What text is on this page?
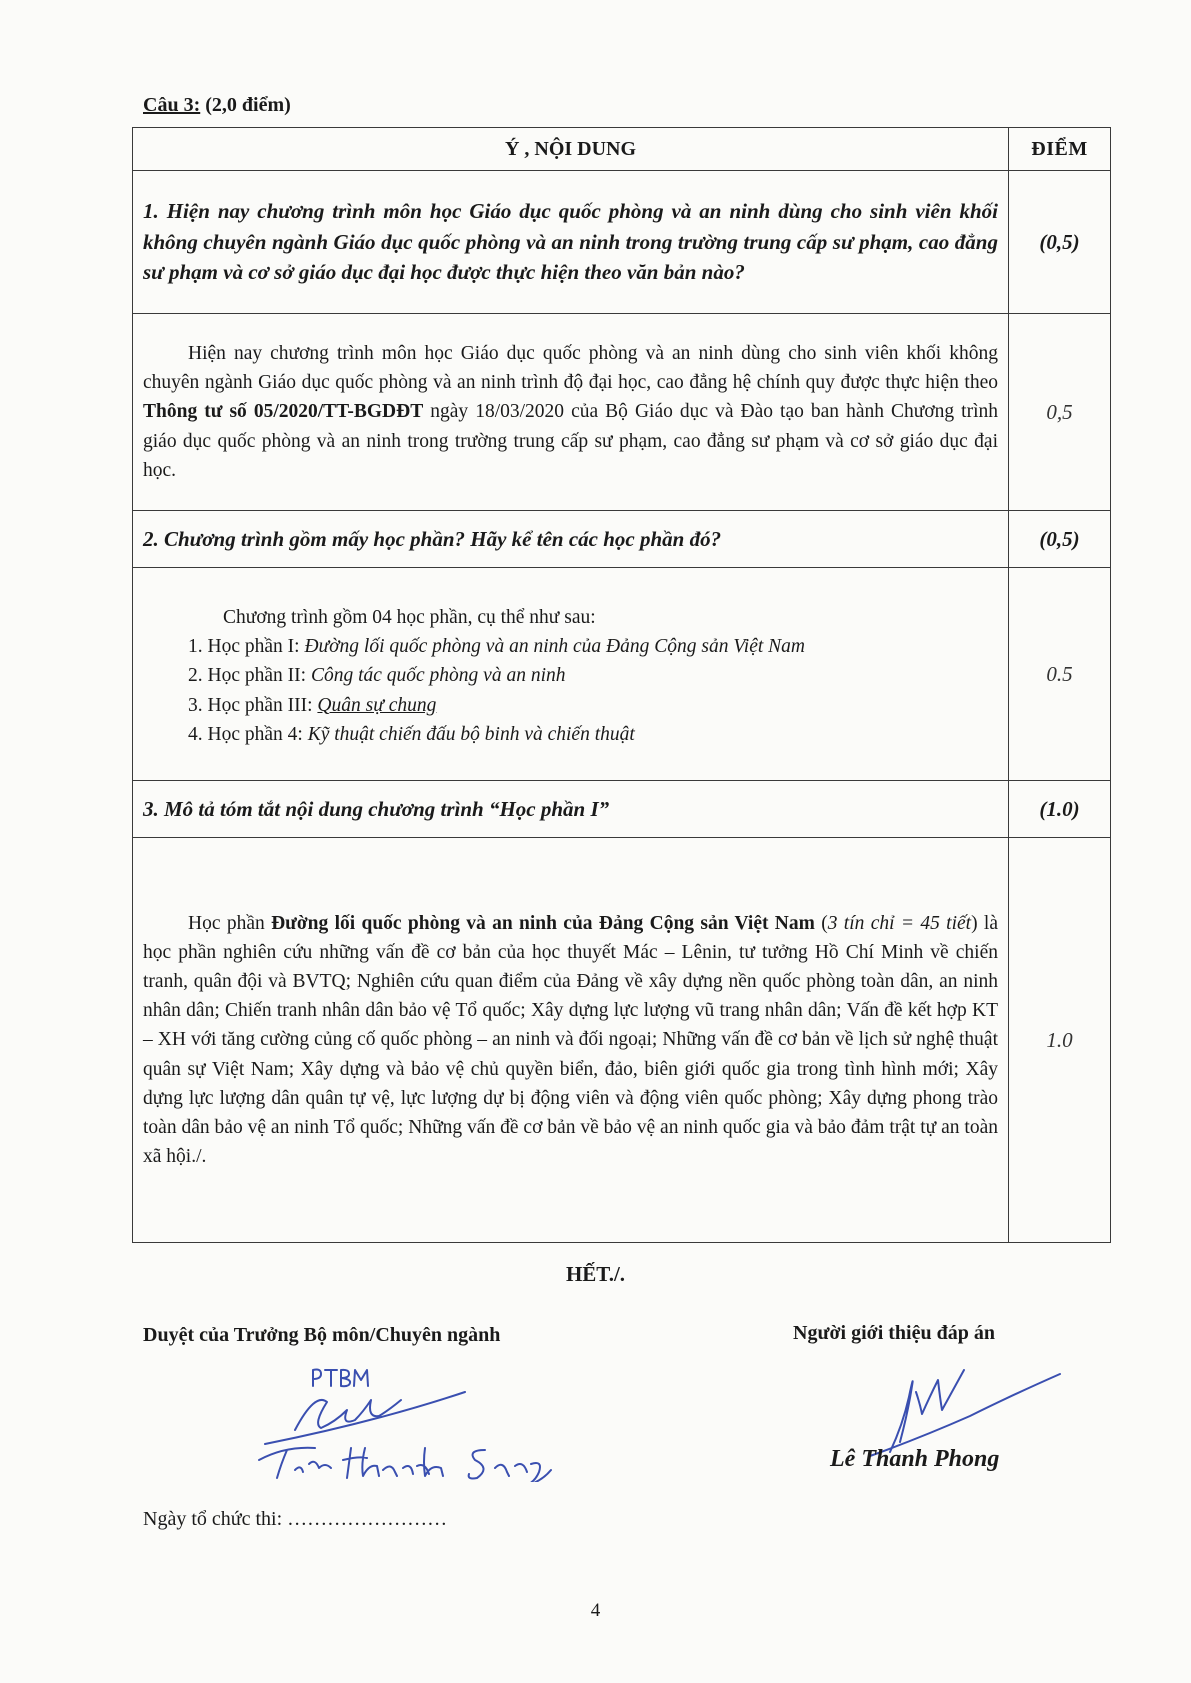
Câu 3: (2,0 điểm)
Ý , NỘI DUNG	ĐIỂM
1. Hiện nay chương trình môn học Giáo dục quốc phòng và an ninh dùng cho sinh viên khối không chuyên ngành Giáo dục quốc phòng và an ninh trong trường trung cấp sư phạm, cao đẳng sư phạm và cơ sở giáo dục đại học được thực hiện theo văn bản nào?	(0,5)

Hiện nay chương trình môn học Giáo dục quốc phòng và an ninh dùng cho sinh viên khối không chuyên ngành Giáo dục quốc phòng và an ninh trình độ đại học, cao đẳng hệ chính quy được thực hiện theo Thông tư số 05/2020/TT-BGDĐT ngày 18/03/2020 của Bộ Giáo dục và Đào tạo ban hành Chương trình giáo dục quốc phòng và an ninh trong trường trung cấp sư phạm, cao đẳng sư phạm và cơ sở giáo dục đại học.	0,5
2. Chương trình gồm mấy học phần? Hãy kể tên các học phần đó?	(0,5)

Chương trình gồm 04 học phần, cụ thể như sau:

1. Học phần I: Đường lối quốc phòng và an ninh của Đảng Cộng sản Việt Nam

2. Học phần II: Công tác quốc phòng và an ninh

3. Học phần III: Quân sự chung

4. Học phần 4: Kỹ thuật chiến đấu bộ binh và chiến thuật	0.5
3. Mô tả tóm tắt nội dung chương trình “Học phần I”	(1.0)

Học phần Đường lối quốc phòng và an ninh của Đảng Cộng sản Việt Nam (3 tín chỉ = 45 tiết) là học phần nghiên cứu những vấn đề cơ bản của học thuyết Mác – Lênin, tư tưởng Hồ Chí Minh về chiến tranh, quân đội và BVTQ; Nghiên cứu quan điểm của Đảng về xây dựng nền quốc phòng toàn dân, an ninh nhân dân; Chiến tranh nhân dân bảo vệ Tổ quốc; Xây dựng lực lượng vũ trang nhân dân; Vấn đề kết hợp KT – XH với tăng cường củng cố quốc phòng – an ninh và đối ngoại; Những vấn đề cơ bản về lịch sử nghệ thuật quân sự Việt Nam; Xây dựng và bảo vệ chủ quyền biển, đảo, biên giới quốc gia trong tình hình mới; Xây dựng lực lượng dân quân tự vệ, lực lượng dự bị động viên và động viên quốc phòng; Xây dựng phong trào toàn dân bảo vệ an ninh Tổ quốc; Những vấn đề cơ bản về bảo vệ an ninh quốc gia và bảo đảm trật tự an toàn xã hội./.	1.0
HẾT./.
Duyệt của Trưởng Bộ môn/Chuyên ngành	Người giới thiệu đáp án
Lê Thanh Phong
Ngày tổ chức thi: ……………………
4
